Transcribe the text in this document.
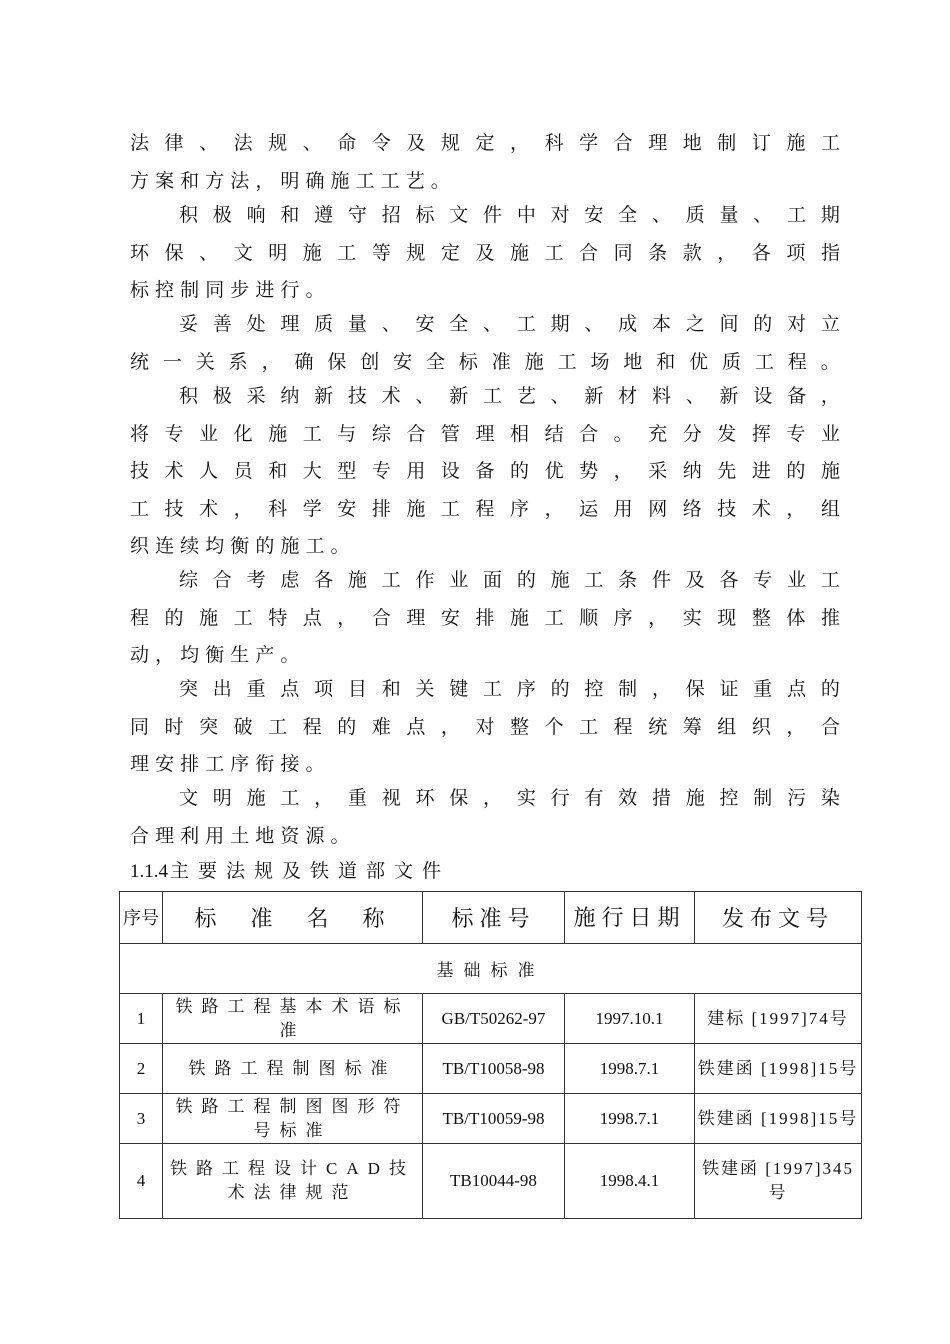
法 律 、 法 规 、 命 令 及 规 定 ， 科 学 合 理 地 制 订 施 工
方 案 和 方 法 ， 明 确 施 工 工 艺 。
积 极 响 和 遵 守 招 标 文 件 中 对 安 全 、 质 量 、 工 期
环 保 、 文 明 施 工 等 规 定 及 施 工 合 同 条 款 ， 各 项 指
标 控 制 同 步 进 行 。
妥 善 处 理 质 量 、 安 全 、 工 期 、 成 本 之 间 的 对 立
统 一 关 系 ， 确 保 创 安 全 标 准 施 工 场 地 和 优 质 工 程 。
积 极 采 纳 新 技 术 、 新 工 艺 、 新 材 料 、 新 设 备 ，
将 专 业 化 施 工 与 综 合 管 理 相 结 合 。 充 分 发 挥 专 业
技 术 人 员 和 大 型 专 用 设 备 的 优 势 ， 采 纳 先 进 的 施
工 技 术 ， 科 学 安 排 施 工 程 序 ， 运 用 网 络 技 术 ， 组
织 连 续 均 衡 的 施 工 。
综 合 考 虑 各 施 工 作 业 面 的 施 工 条 件 及 各 专 业 工
程 的 施 工 特 点 ， 合 理 安 排 施 工 顺 序 ， 实 现 整 体 推
动 ， 均 衡 生 产 。
突 出 重 点 项 目 和 关 键 工 序 的 控 制 ， 保 证 重 点 的
同 时 突 破 工 程 的 难 点 ， 对 整 个 工 程 统 筹 组 织 ， 合
理 安 排 工 序 衔 接 。
文 明 施 工 ， 重 视 环 保 ， 实 行 有 效 措 施 控 制 污 染
合 理 利 用 土 地 资 源 。
1.1.4 主要法规及铁道部文件
序号	标　准　名　称	标准号	施行日期	发布文号
基础标准				
1	铁路工程基本术语标准	GB/T50262-97	1997.10.1	建标 [1997]74号
2	铁路工程制图标准	TB/T10058-98	1998.7.1	铁建函 [1998]15号
3	铁路工程制图图形符号标准	TB/T10059-98	1998.7.1	铁建函 [1998]15号
4	铁路工程设计CAD技术法律规范	TB10044-98	1998.4.1	铁建函 [1997]345 号
